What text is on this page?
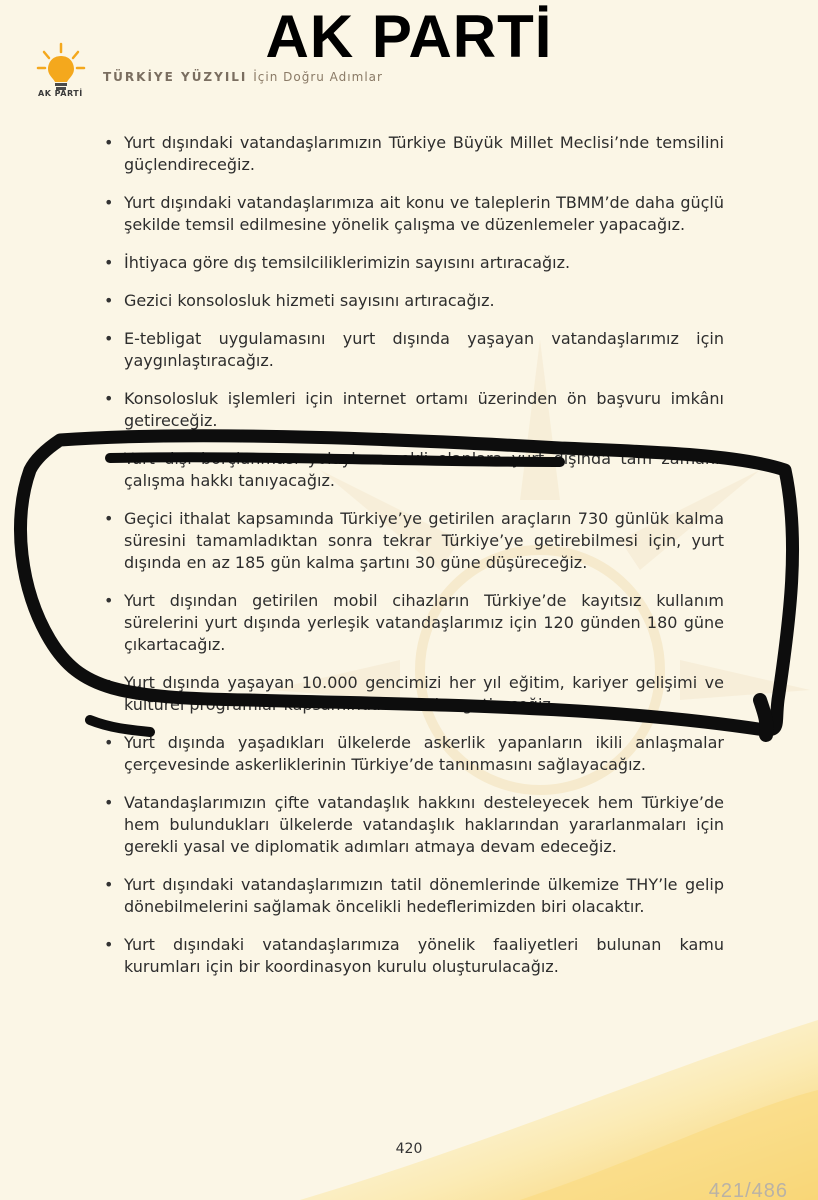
AK PARTİ
AK PARTİ
TÜRKİYE YÜZYILI İçin Doğru Adımlar
• Yurt dışındaki vatandaşlarımızın Türkiye Büyük Millet Meclisi’nde temsilini güçlendireceğiz.
• Yurt dışındaki vatandaşlarımıza ait konu ve taleplerin TBMM’de daha güçlü şekilde temsil edilmesine yönelik çalışma ve düzenlemeler yapacağız.
• İhtiyaca göre dış temsilciliklerimizin sayısını artıracağız.
• Gezici konsolosluk hizmeti sayısını artıracağız.
• E-tebligat uygulamasını yurt dışında yaşayan vatandaşlarımız için yaygınlaştıracağız.
• Konsolosluk işlemleri için internet ortamı üzerinden ön başvuru imkânı getireceğiz.
• Yurt dışı borçlanması yoluyla emekli olanlara yurt dışında tam zamanlı çalışma hakkı tanıyacağız.
• Geçici ithalat kapsamında Türkiye’ye getirilen araçların 730 günlük kalma süresini tamamladıktan sonra tekrar Türkiye’ye getirebilmesi için, yurt dışında en az 185 gün kalma şartını 30 güne düşüreceğiz.
• Yurt dışından getirilen mobil cihazların Türkiye’de kayıtsız kullanım sürelerini yurt dışında yerleşik vatandaşlarımız için 120 günden 180 güne çıkartacağız.
• Yurt dışında yaşayan 10.000 gencimizi her yıl eğitim, kariyer gelişimi ve kültürel programlar kapsamında ülkemize getireceğiz.
• Yurt dışında yaşadıkları ülkelerde askerlik yapanların ikili anlaşmalar çerçevesinde askerliklerinin Türkiye’de tanınmasını sağlayacağız.
• Vatandaşlarımızın çifte vatandaşlık hakkını desteleyecek hem Türkiye’de hem bulundukları ülkelerde vatandaşlık haklarından yararlanmaları için gerekli yasal ve diplomatik adımları atmaya devam edeceğiz.
• Yurt dışındaki vatandaşlarımızın tatil dönemlerinde ülkemize THY’le gelip dönebilmelerini sağlamak öncelikli hedeflerimizden biri olacaktır.
• Yurt dışındaki vatandaşlarımıza yönelik faaliyetleri bulunan kamu kurumları için bir koordinasyon kurulu oluşturulacağız.
420
421/486
